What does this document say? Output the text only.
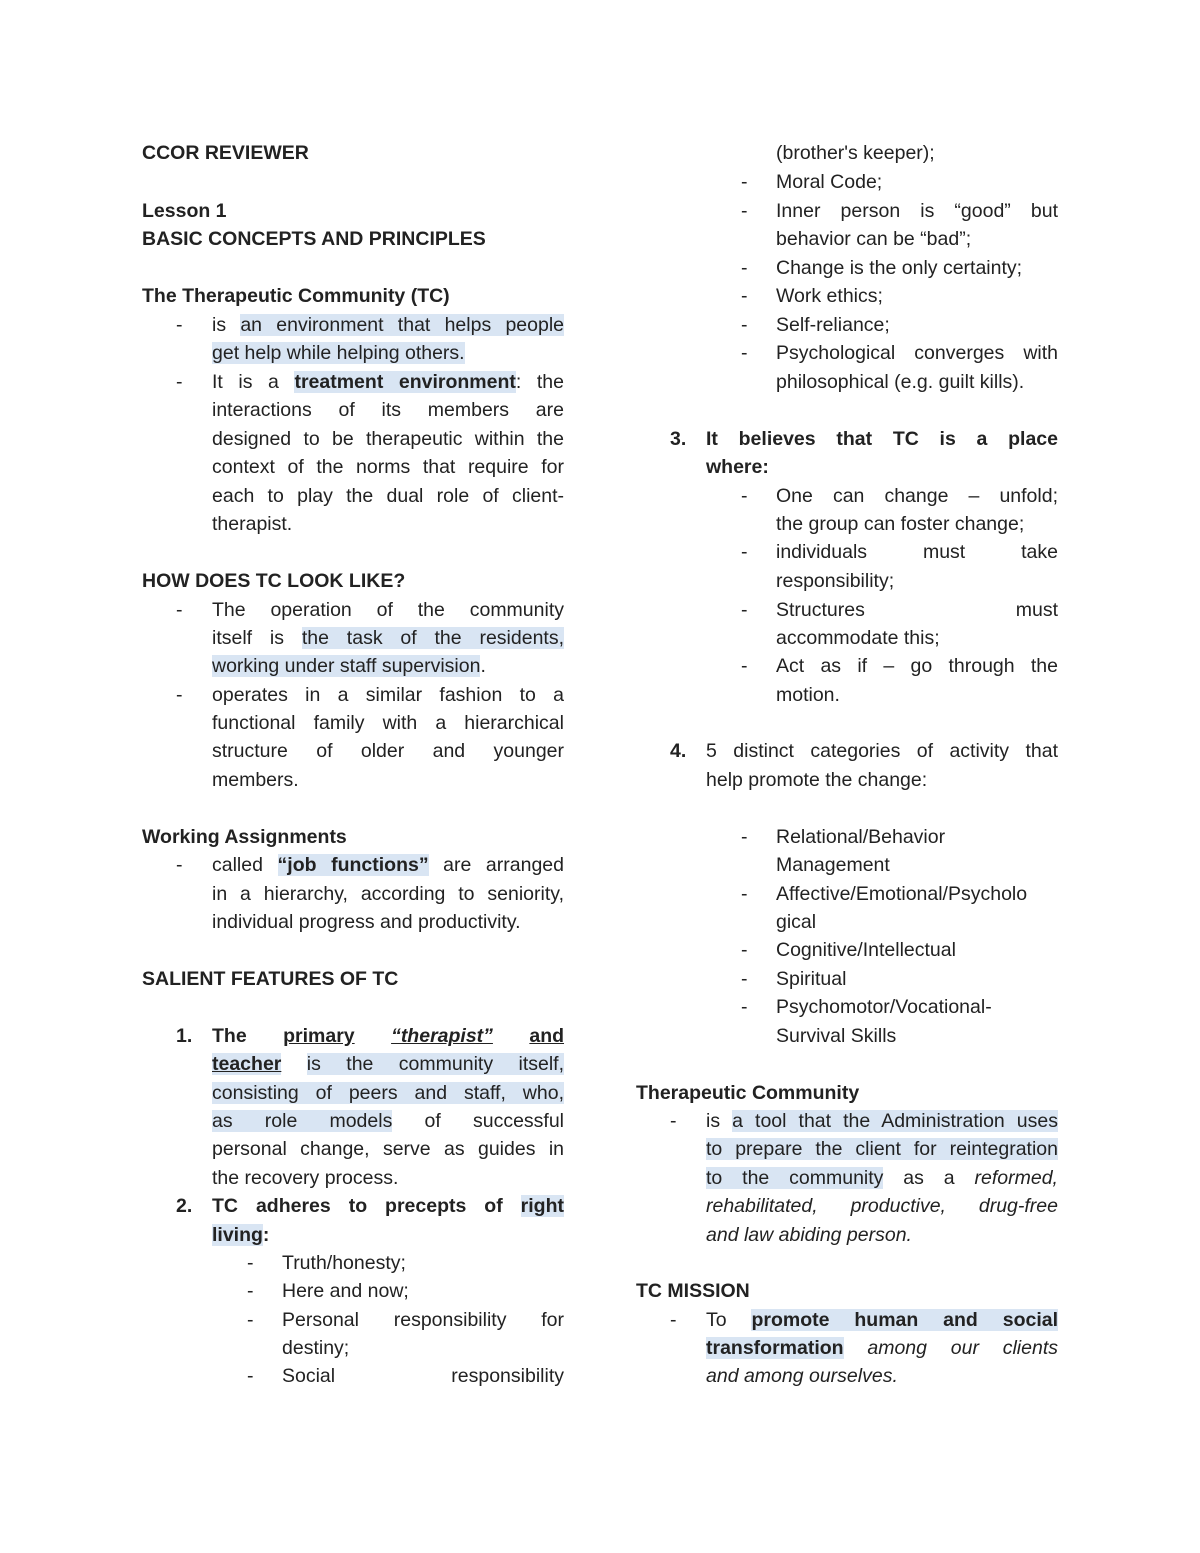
CCOR REVIEWER
Lesson 1
BASIC CONCEPTS AND PRINCIPLES
The Therapeutic Community (TC)
- is an environment that helps people
get help while helping others.
- It is a treatment environment: the
interactions of its members are
designed to be therapeutic within the
context of the norms that require for
each to play the dual role of client-
therapist.
HOW DOES TC LOOK LIKE?
- The operation of the community
itself is the task of the residents,
working under staff supervision.
- operates in a similar fashion to a
functional family with a hierarchical
structure of older and younger
members.
Working Assignments
- called “job functions” are arranged
in a hierarchy, according to seniority,
individual progress and productivity.
SALIENT FEATURES OF TC
1. The primary “therapist” and
teacher is the community itself,
consisting of peers and staff, who,
as role models of successful
personal change, serve as guides in
the recovery process.
2. TC adheres to precepts of right
living:
- Truth/honesty;
- Here and now;
- Personal responsibility for
destiny;
- Social responsibility
(brother's keeper);
- Moral Code;
- Inner person is “good” but
behavior can be “bad”;
- Change is the only certainty;
- Work ethics;
- Self-reliance;
- Psychological converges with
philosophical (e.g. guilt kills).
3. It believes that TC is a place
where:
- One can change – unfold;
the group can foster change;
- individuals must take
responsibility;
- Structures must
accommodate this;
- Act as if – go through the
motion.
4. 5 distinct categories of activity that
help promote the change:
- Relational/Behavior
Management
- Affective/Emotional/Psycholo
gical
- Cognitive/Intellectual
- Spiritual
- Psychomotor/Vocational-
Survival Skills
Therapeutic Community
- is a tool that the Administration uses
to prepare the client for reintegration
to the community as a reformed,
rehabilitated, productive, drug-free
and law abiding person.
TC MISSION
- To promote human and social
transformation among our clients
and among ourselves.
